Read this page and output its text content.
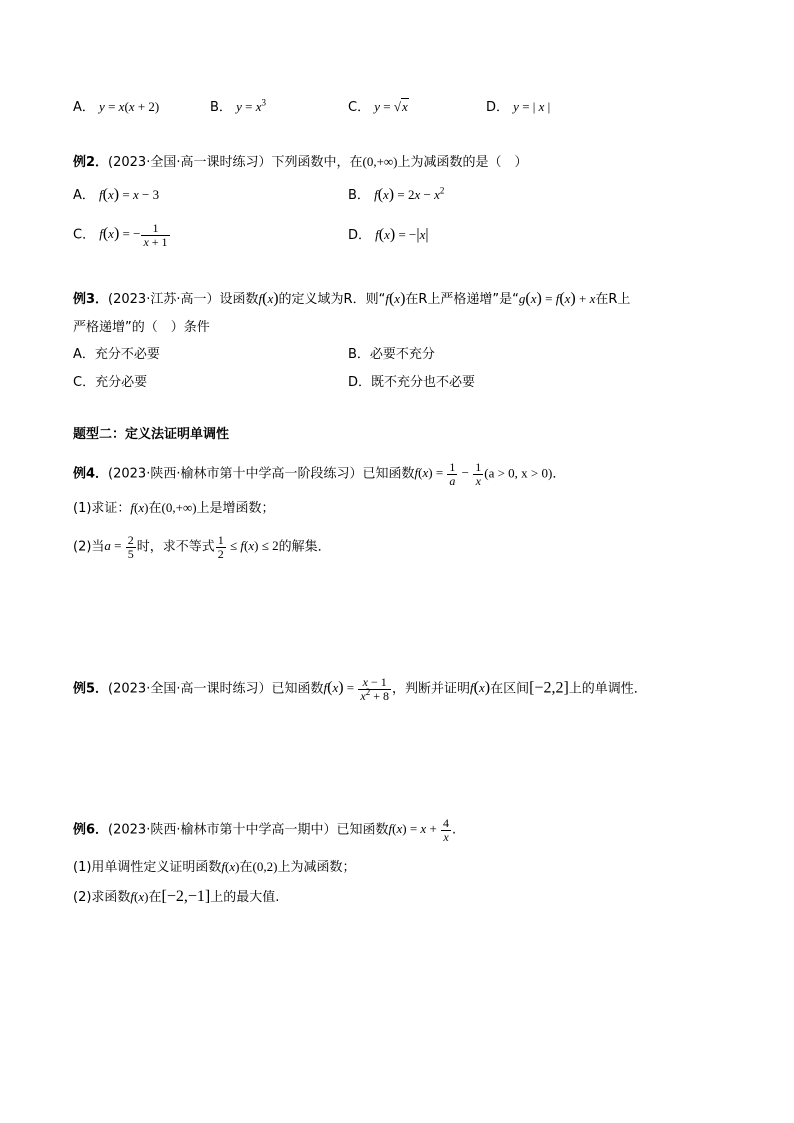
A． y = x(x + 2)	B． $y = x^3$	C． y = √x	D． y = | x |
例2．(2023·全国·高一课时练习）下列函数中，在(0,+∞)上为减函数的是（　）
A． f(x) = x − 3	B． $f(x) = 2x - x^2$
C． f(x) = − $\frac{1}{x + 1}$	D． f(x) = −|x|
例3．(2023·江苏·高一）设函数f(x)的定义域为R．则“f(x)在R上严格递增”是“g(x) = f(x) + x在R上
严格递增”的（　）条件
A．充分不必要	B．必要不充分
C．充分必要	D．既不充分也不必要
题型二：定义法证明单调性
例4．(2023·陕西·榆林市第十中学高一阶段练习）已知函数$f(x) = \frac{1}{a} - \frac{1}{x} (a > 0$, x > 0)．
(1)求证：f(x)在(0,+∞)上是增函数；
(2)当$a = \frac{2}{5}$ 时，求不等式 $\frac{1}{2} \le f(x) \le 2$的解集．
例5．(2023·全国·高一课时练习）已知函数$f(x) = \frac{x - 1}{x^2 + 8}$ ，判断并证明f(x)在区间[−2,2]上的单调性．
例6．(2023·陕西·榆林市第十中学高一期中）已知函数$f(x) = x + \frac{4}{x}$ .
(1)用单调性定义证明函数f(x)在(0,2)上为减函数；
(2)求函数f(x)在[−2,−1]上的最大值.
